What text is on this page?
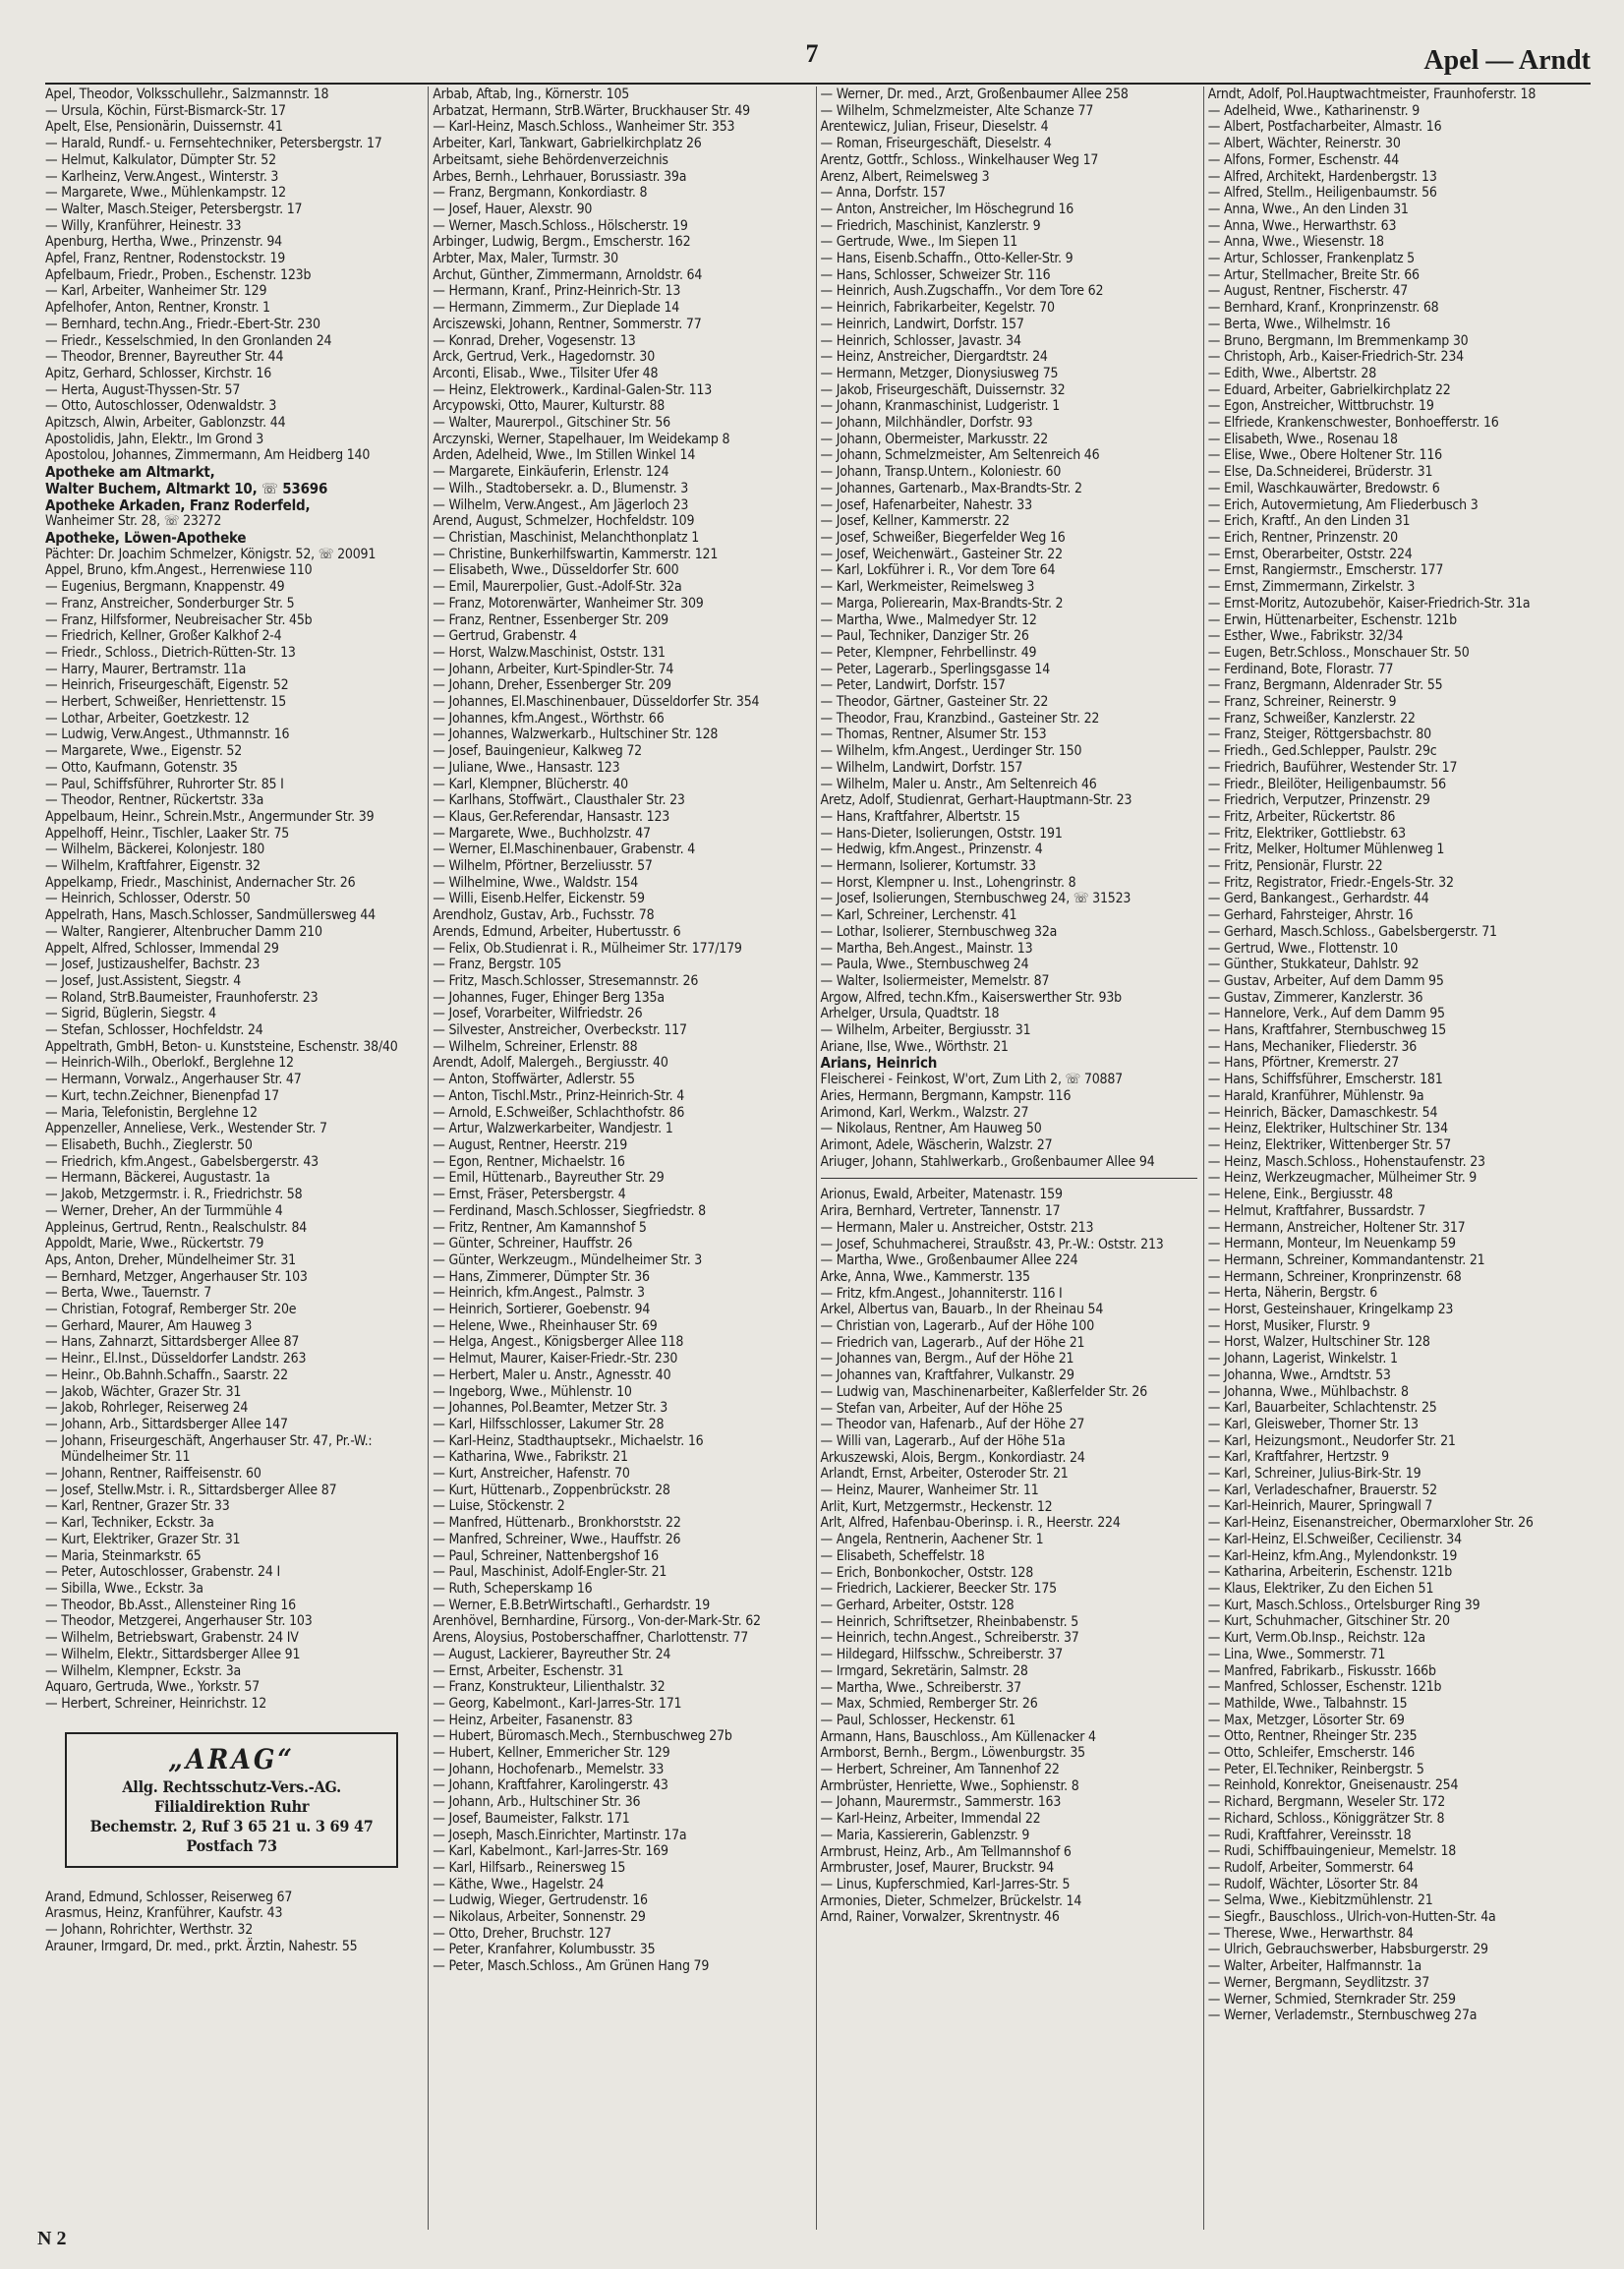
7	Apel — Arndt
Apel, Theodor, Volksschullehr., Salzmannstr. 18
— Ursula, Köchin, Fürst-Bismarck-Str. 17
Apelt, Else, Pensionärin, Duissernstr. 41
— Harald, Rundf.- u. Fernsehtechniker, Petersbergstr. 17
— Helmut, Kalkulator, Dümpter Str. 52
— Karlheinz, Verw.Angest., Winterstr. 3
— Margarete, Wwe., Mühlenkampstr. 12
— Walter, Masch.Steiger, Petersbergstr. 17
— Willy, Kranführer, Heinestr. 33
Apenburg, Hertha, Wwe., Prinzenstr. 94
Apfel, Franz, Rentner, Rodenstockstr. 19
Apfelbaum, Friedr., Proben., Eschenstr. 123b
— Karl, Arbeiter, Wanheimer Str. 129
Apfelhofer, Anton, Rentner, Kronstr. 1
— Bernhard, techn.Ang., Friedr.-Ebert-Str. 230
— Friedr., Kesselschmied, In den Gronlanden 24
— Theodor, Brenner, Bayreuther Str. 44
Apitz, Gerhard, Schlosser, Kirchstr. 16
— Herta, August-Thyssen-Str. 57
— Otto, Autoschlosser, Odenwaldstr. 3
Apitzsch, Alwin, Arbeiter, Gablonzstr. 44
Apostolidis, Jahn, Elektr., Im Grond 3
Apostolou, Johannes, Zimmermann, Am Heidberg 140
Apotheke am Altmarkt,
Walter Buchem, Altmarkt 10, ☏ 53696
Apotheke Arkaden, Franz Roderfeld,
Wanheimer Str. 28, ☏ 23272
Apotheke, Löwen-Apotheke
Pächter: Dr. Joachim Schmelzer, Königstr. 52, ☏ 20091
Appel, Bruno, kfm.Angest., Herrenwiese 110
— Eugenius, Bergmann, Knappenstr. 49
— Franz, Anstreicher, Sonderburger Str. 5
— Franz, Hilfsformer, Neubreisacher Str. 45b
— Friedrich, Kellner, Großer Kalkhof 2-4
— Friedr., Schloss., Dietrich-Rütten-Str. 13
— Harry, Maurer, Bertramstr. 11a
— Heinrich, Friseurgeschäft, Eigenstr. 52
— Herbert, Schweißer, Henriettenstr. 15
— Lothar, Arbeiter, Goetzkestr. 12
— Ludwig, Verw.Angest., Uthmannstr. 16
— Margarete, Wwe., Eigenstr. 52
— Otto, Kaufmann, Gotenstr. 35
— Paul, Schiffsführer, Ruhrorter Str. 85 I
— Theodor, Rentner, Rückertstr. 33a
Appelbaum, Heinr., Schrein.Mstr., Angermunder Str. 39
Appelhoff, Heinr., Tischler, Laaker Str. 75
— Wilhelm, Bäckerei, Kolonjestr. 180
— Wilhelm, Kraftfahrer, Eigenstr. 32
Appelkamp, Friedr., Maschinist, Andernacher Str. 26
— Heinrich, Schlosser, Oderstr. 50
Appelrath, Hans, Masch.Schlosser, Sandmüllersweg 44
— Walter, Rangierer, Altenbrucher Damm 210
Appelt, Alfred, Schlosser, Immendal 29
— Josef, Justizaushelfer, Bachstr. 23
— Josef, Just.Assistent, Siegstr. 4
— Roland, StrB.Baumeister, Fraunhoferstr. 23
— Sigrid, Büglerin, Siegstr. 4
— Stefan, Schlosser, Hochfeldstr. 24
Appeltrath, GmbH, Beton- u. Kunststeine, Eschenstr. 38/40
— Heinrich-Wilh., Oberlokf., Berglehne 12
— Hermann, Vorwalz., Angerhauser Str. 47
— Kurt, techn.Zeichner, Bienenpfad 17
— Maria, Telefonistin, Berglehne 12
Appenzeller, Anneliese, Verk., Westender Str. 7
— Elisabeth, Buchh., Zieglerstr. 50
— Friedrich, kfm.Angest., Gabelsbergerstr. 43
— Hermann, Bäckerei, Augustastr. 1a
— Jakob, Metzgermstr. i. R., Friedrichstr. 58
— Werner, Dreher, An der Turmmühle 4
Appleinus, Gertrud, Rentn., Realschulstr. 84
Appoldt, Marie, Wwe., Rückertstr. 79
Aps, Anton, Dreher, Mündelheimer Str. 31
— Bernhard, Metzger, Angerhauser Str. 103
— Berta, Wwe., Tauernstr. 7
— Christian, Fotograf, Remberger Str. 20e
— Gerhard, Maurer, Am Hauweg 3
— Hans, Zahnarzt, Sittardsberger Allee 87
— Heinr., El.Inst., Düsseldorfer Landstr. 263
— Heinr., Ob.Bahnh.Schaffn., Saarstr. 22
— Jakob, Wächter, Grazer Str. 31
— Jakob, Rohrleger, Reiserweg 24
— Johann, Arb., Sittardsberger Allee 147
— Johann, Friseurgeschäft, Angerhauser Str. 47, Pr.-W.: Mündelheimer Str. 11
— Johann, Rentner, Raiffeisenstr. 60
— Josef, Stellw.Mstr. i. R., Sittardsberger Allee 87
— Karl, Rentner, Grazer Str. 33
— Karl, Techniker, Eckstr. 3a
— Kurt, Elektriker, Grazer Str. 31
— Maria, Steinmarkstr. 65
— Peter, Autoschlosser, Grabenstr. 24 I
— Sibilla, Wwe., Eckstr. 3a
— Theodor, Bb.Asst., Allensteiner Ring 16
— Theodor, Metzgerei, Angerhauser Str. 103
— Wilhelm, Betriebswart, Grabenstr. 24 IV
— Wilhelm, Elektr., Sittardsberger Allee 91
— Wilhelm, Klempner, Eckstr. 3a
Aquaro, Gertruda, Wwe., Yorkstr. 57
— Herbert, Schreiner, Heinrichstr. 12
„ARAG“
Allg. Rechtsschutz-Vers.-AG.
Filialdirektion Ruhr
Bechemstr. 2, Ruf 3 65 21 u. 3 69 47
Postfach 73
Arand, Edmund, Schlosser, Reiserweg 67
Arasmus, Heinz, Kranführer, Kaufstr. 43
— Johann, Rohrichter, Werthstr. 32
Arauner, Irmgard, Dr. med., prkt. Ärztin, Nahestr. 55
Arbab, Aftab, Ing., Körnerstr. 105
Arbatzat, Hermann, StrB.Wärter, Bruckhauser Str. 49
— Karl-Heinz, Masch.Schloss., Wanheimer Str. 353
Arbeiter, Karl, Tankwart, Gabrielkirchplatz 26
Arbeitsamt, siehe Behördenverzeichnis
Arbes, Bernh., Lehrhauer, Borussiastr. 39a
— Franz, Bergmann, Konkordiastr. 8
— Josef, Hauer, Alexstr. 90
— Werner, Masch.Schloss., Hölscherstr. 19
Arbinger, Ludwig, Bergm., Emscherstr. 162
Arbter, Max, Maler, Turmstr. 30
Archut, Günther, Zimmermann, Arnoldstr. 64
— Hermann, Kranf., Prinz-Heinrich-Str. 13
— Hermann, Zimmerm., Zur Dieplade 14
Arciszewski, Johann, Rentner, Sommerstr. 77
— Konrad, Dreher, Vogesenstr. 13
Arck, Gertrud, Verk., Hagedornstr. 30
Arconti, Elisab., Wwe., Tilsiter Ufer 48
— Heinz, Elektrowerk., Kardinal-Galen-Str. 113
Arcypowski, Otto, Maurer, Kulturstr. 88
— Walter, Maurerpol., Gitschiner Str. 56
Arczynski, Werner, Stapelhauer, Im Weidekamp 8
Arden, Adelheid, Wwe., Im Stillen Winkel 14
— Margarete, Einkäuferin, Erlenstr. 124
— Wilh., Stadtobersekr. a. D., Blumenstr. 3
— Wilhelm, Verw.Angest., Am Jägerloch 23
Arend, August, Schmelzer, Hochfeldstr. 109
— Christian, Maschinist, Melanchthonplatz 1
— Christine, Bunkerhilfswartin, Kammerstr. 121
— Elisabeth, Wwe., Düsseldorfer Str. 600
— Emil, Maurerpolier, Gust.-Adolf-Str. 32a
— Franz, Motorenwärter, Wanheimer Str. 309
— Franz, Rentner, Essenberger Str. 209
— Gertrud, Grabenstr. 4
— Horst, Walzw.Maschinist, Oststr. 131
— Johann, Arbeiter, Kurt-Spindler-Str. 74
— Johann, Dreher, Essenberger Str. 209
— Johannes, El.Maschinenbauer, Düsseldorfer Str. 354
— Johannes, kfm.Angest., Wörthstr. 66
— Johannes, Walzwerkarb., Hultschiner Str. 128
— Josef, Bauingenieur, Kalkweg 72
— Juliane, Wwe., Hansastr. 123
— Karl, Klempner, Blücherstr. 40
— Karlhans, Stoffwärt., Clausthaler Str. 23
— Klaus, Ger.Referendar, Hansastr. 123
— Margarete, Wwe., Buchholzstr. 47
— Werner, El.Maschinenbauer, Grabenstr. 4
— Wilhelm, Pförtner, Berzeliusstr. 57
— Wilhelmine, Wwe., Waldstr. 154
— Willi, Eisenb.Helfer, Eickenstr. 59
Arendholz, Gustav, Arb., Fuchsstr. 78
Arends, Edmund, Arbeiter, Hubertusstr. 6
— Felix, Ob.Studienrat i. R., Mülheimer Str. 177/179
— Franz, Bergstr. 105
— Fritz, Masch.Schlosser, Stresemannstr. 26
— Johannes, Fuger, Ehinger Berg 135a
— Josef, Vorarbeiter, Wilfriedstr. 26
— Silvester, Anstreicher, Overbeckstr. 117
— Wilhelm, Schreiner, Erlenstr. 88
Arendt, Adolf, Malergeh., Bergiusstr. 40
— Anton, Stoffwärter, Adlerstr. 55
— Anton, Tischl.Mstr., Prinz-Heinrich-Str. 4
— Arnold, E.Schweißer, Schlachthofstr. 86
— Artur, Walzwerkarbeiter, Wandjestr. 1
— August, Rentner, Heerstr. 219
— Egon, Rentner, Michaelstr. 16
— Emil, Hüttenarb., Bayreuther Str. 29
— Ernst, Fräser, Petersbergstr. 4
— Ferdinand, Masch.Schlosser, Siegfriedstr. 8
— Fritz, Rentner, Am Kamannshof 5
— Günter, Schreiner, Hauffstr. 26
— Günter, Werkzeugm., Mündelheimer Str. 3
— Hans, Zimmerer, Dümpter Str. 36
— Heinrich, kfm.Angest., Palmstr. 3
— Heinrich, Sortierer, Goebenstr. 94
— Helene, Wwe., Rheinhauser Str. 69
— Helga, Angest., Königsberger Allee 118
— Helmut, Maurer, Kaiser-Friedr.-Str. 230
— Herbert, Maler u. Anstr., Agnesstr. 40
— Ingeborg, Wwe., Mühlenstr. 10
— Johannes, Pol.Beamter, Metzer Str. 3
— Karl, Hilfsschlosser, Lakumer Str. 28
— Karl-Heinz, Stadthauptsekr., Michaelstr. 16
— Katharina, Wwe., Fabrikstr. 21
— Kurt, Anstreicher, Hafenstr. 70
— Kurt, Hüttenarb., Zoppenbrückstr. 28
— Luise, Stöckenstr. 2
— Manfred, Hüttenarb., Bronkhorststr. 22
— Manfred, Schreiner, Wwe., Hauffstr. 26
— Paul, Schreiner, Nattenbergshof 16
— Paul, Maschinist, Adolf-Engler-Str. 21
— Ruth, Scheperskamp 16
— Werner, E.B.BetrWirtschaftl., Gerhardstr. 19
Arenhövel, Bernhardine, Fürsorg., Von-der-Mark-Str. 62
Arens, Aloysius, Postoberschaffner, Charlottenstr. 77
— August, Lackierer, Bayreuther Str. 24
— Ernst, Arbeiter, Eschenstr. 31
— Franz, Konstrukteur, Lilienthalstr. 32
— Georg, Kabelmont., Karl-Jarres-Str. 171
— Heinz, Arbeiter, Fasanenstr. 83
— Hubert, Büromasch.Mech., Sternbuschweg 27b
— Hubert, Kellner, Emmericher Str. 129
— Johann, Hochofenarb., Memelstr. 33
— Johann, Kraftfahrer, Karolingerstr. 43
— Johann, Arb., Hultschiner Str. 36
— Josef, Baumeister, Falkstr. 171
— Joseph, Masch.Einrichter, Martinstr. 17a
— Karl, Kabelmont., Karl-Jarres-Str. 169
— Karl, Hilfsarb., Reinersweg 15
— Käthe, Wwe., Hagelstr. 24
— Ludwig, Wieger, Gertrudenstr. 16
— Nikolaus, Arbeiter, Sonnenstr. 29
— Otto, Dreher, Bruchstr. 127
— Peter, Kranfahrer, Kolumbusstr. 35
— Peter, Masch.Schloss., Am Grünen Hang 79
— Werner, Dr. med., Arzt, Großenbaumer Allee 258
— Wilhelm, Schmelzmeister, Alte Schanze 77
Arentewicz, Julian, Friseur, Dieselstr. 4
— Roman, Friseurgeschäft, Dieselstr. 4
Arentz, Gottfr., Schloss., Winkelhauser Weg 17
Arenz, Albert, Reimelsweg 3
— Anna, Dorfstr. 157
— Anton, Anstreicher, Im Höschegrund 16
— Friedrich, Maschinist, Kanzlerstr. 9
— Gertrude, Wwe., Im Siepen 11
— Hans, Eisenb.Schaffn., Otto-Keller-Str. 9
— Hans, Schlosser, Schweizer Str. 116
— Heinrich, Aush.Zugschaffn., Vor dem Tore 62
— Heinrich, Fabrikarbeiter, Kegelstr. 70
— Heinrich, Landwirt, Dorfstr. 157
— Heinrich, Schlosser, Javastr. 34
— Heinz, Anstreicher, Diergardtstr. 24
— Hermann, Metzger, Dionysiusweg 75
— Jakob, Friseurgeschäft, Duissernstr. 32
— Johann, Kranmaschinist, Ludgeristr. 1
— Johann, Milchhändler, Dorfstr. 93
— Johann, Obermeister, Markusstr. 22
— Johann, Schmelzmeister, Am Seltenreich 46
— Johann, Transp.Untern., Koloniestr. 60
— Johannes, Gartenarb., Max-Brandts-Str. 2
— Josef, Hafenarbeiter, Nahestr. 33
— Josef, Kellner, Kammerstr. 22
— Josef, Schweißer, Biegerfelder Weg 16
— Josef, Weichenwärt., Gasteiner Str. 22
— Karl, Lokführer i. R., Vor dem Tore 64
— Karl, Werkmeister, Reimelsweg 3
— Marga, Polierearin, Max-Brandts-Str. 2
— Martha, Wwe., Malmedyer Str. 12
— Paul, Techniker, Danziger Str. 26
— Peter, Klempner, Fehrbellinstr. 49
— Peter, Lagerarb., Sperlingsgasse 14
— Peter, Landwirt, Dorfstr. 157
— Theodor, Gärtner, Gasteiner Str. 22
— Theodor, Frau, Kranzbind., Gasteiner Str. 22
— Thomas, Rentner, Alsumer Str. 153
— Wilhelm, kfm.Angest., Uerdinger Str. 150
— Wilhelm, Landwirt, Dorfstr. 157
— Wilhelm, Maler u. Anstr., Am Seltenreich 46
Aretz, Adolf, Studienrat, Gerhart-Hauptmann-Str. 23
— Hans, Kraftfahrer, Albertstr. 15
— Hans-Dieter, Isolierungen, Oststr. 191
— Hedwig, kfm.Angest., Prinzenstr. 4
— Hermann, Isolierer, Kortumstr. 33
— Horst, Klempner u. Inst., Lohengrinstr. 8
— Josef, Isolierungen, Sternbuschweg 24, ☏ 31523
— Karl, Schreiner, Lerchenstr. 41
— Lothar, Isolierer, Sternbuschweg 32a
— Martha, Beh.Angest., Mainstr. 13
— Paula, Wwe., Sternbuschweg 24
— Walter, Isoliermeister, Memelstr. 87
Argow, Alfred, techn.Kfm., Kaiserswerther Str. 93b
Arhelger, Ursula, Quadtstr. 18
— Wilhelm, Arbeiter, Bergiusstr. 31
Ariane, Ilse, Wwe., Wörthstr. 21
Arians, Heinrich
Fleischerei - Feinkost, W'ort, Zum Lith 2, ☏ 70887
Aries, Hermann, Bergmann, Kampstr. 116
Arimond, Karl, Werkm., Walzstr. 27
— Nikolaus, Rentner, Am Hauweg 50
Arimont, Adele, Wäscherin, Walzstr. 27
Ariuger, Johann, Stahlwerkarb., Großenbaumer Allee 94
Arionus, Ewald, Arbeiter, Matenastr. 159
Arira, Bernhard, Vertreter, Tannenstr. 17
— Hermann, Maler u. Anstreicher, Oststr. 213
— Josef, Schuhmacherei, Straußstr. 43, Pr.-W.: Oststr. 213
— Martha, Wwe., Großenbaumer Allee 224
Arke, Anna, Wwe., Kammerstr. 135
— Fritz, kfm.Angest., Johanniterstr. 116 I
Arkel, Albertus van, Bauarb., In der Rheinau 54
— Christian von, Lagerarb., Auf der Höhe 100
— Friedrich van, Lagerarb., Auf der Höhe 21
— Johannes van, Bergm., Auf der Höhe 21
— Johannes van, Kraftfahrer, Vulkanstr. 29
— Ludwig van, Maschinenarbeiter, Kaßlerfelder Str. 26
— Stefan van, Arbeiter, Auf der Höhe 25
— Theodor van, Hafenarb., Auf der Höhe 27
— Willi van, Lagerarb., Auf der Höhe 51a
Arkuszewski, Alois, Bergm., Konkordiastr. 24
Arlandt, Ernst, Arbeiter, Osteroder Str. 21
— Heinz, Maurer, Wanheimer Str. 11
Arlit, Kurt, Metzgermstr., Heckenstr. 12
Arlt, Alfred, Hafenbau-Oberinsp. i. R., Heerstr. 224
— Angela, Rentnerin, Aachener Str. 1
— Elisabeth, Scheffelstr. 18
— Erich, Bonbonkocher, Oststr. 128
— Friedrich, Lackierer, Beecker Str. 175
— Gerhard, Arbeiter, Oststr. 128
— Heinrich, Schriftsetzer, Rheinbabenstr. 5
— Heinrich, techn.Angest., Schreiberstr. 37
— Hildegard, Hilfsschw., Schreiberstr. 37
— Irmgard, Sekretärin, Salmstr. 28
— Martha, Wwe., Schreiberstr. 37
— Max, Schmied, Remberger Str. 26
— Paul, Schlosser, Heckenstr. 61
Armann, Hans, Bauschloss., Am Küllenacker 4
Armborst, Bernh., Bergm., Löwenburgstr. 35
— Herbert, Schreiner, Am Tannenhof 22
Armbrüster, Henriette, Wwe., Sophienstr. 8
— Johann, Maurermstr., Sammerstr. 163
— Karl-Heinz, Arbeiter, Immendal 22
— Maria, Kassiererin, Gablenzstr. 9
Armbrust, Heinz, Arb., Am Tellmannshof 6
Armbruster, Josef, Maurer, Bruckstr. 94
— Linus, Kupferschmied, Karl-Jarres-Str. 5
Armonies, Dieter, Schmelzer, Brückelstr. 14
Arnd, Rainer, Vorwalzer, Skrentnystr. 46
Arndt, Adolf, Pol.Hauptwachtmeister, Fraunhoferstr. 18
— Adelheid, Wwe., Katharinenstr. 9
— Albert, Postfacharbeiter, Almastr. 16
— Albert, Wächter, Reinerstr. 30
— Alfons, Former, Eschenstr. 44
— Alfred, Architekt, Hardenbergstr. 13
— Alfred, Stellm., Heiligenbaumstr. 56
— Anna, Wwe., An den Linden 31
— Anna, Wwe., Herwarthstr. 63
— Anna, Wwe., Wiesenstr. 18
— Artur, Schlosser, Frankenplatz 5
— Artur, Stellmacher, Breite Str. 66
— August, Rentner, Fischerstr. 47
— Bernhard, Kranf., Kronprinzenstr. 68
— Berta, Wwe., Wilhelmstr. 16
— Bruno, Bergmann, Im Bremmenkamp 30
— Christoph, Arb., Kaiser-Friedrich-Str. 234
— Edith, Wwe., Albertstr. 28
— Eduard, Arbeiter, Gabrielkirchplatz 22
— Egon, Anstreicher, Wittbruchstr. 19
— Elfriede, Krankenschwester, Bonhoefferstr. 16
— Elisabeth, Wwe., Rosenau 18
— Elise, Wwe., Obere Holtener Str. 116
— Else, Da.Schneiderei, Brüderstr. 31
— Emil, Waschkauwärter, Bredowstr. 6
— Erich, Autovermietung, Am Fliederbusch 3
— Erich, Kraftf., An den Linden 31
— Erich, Rentner, Prinzenstr. 20
— Ernst, Oberarbeiter, Oststr. 224
— Ernst, Rangiermstr., Emscherstr. 177
— Ernst, Zimmermann, Zirkelstr. 3
— Ernst-Moritz, Autozubehör, Kaiser-Friedrich-Str. 31a
— Erwin, Hüttenarbeiter, Eschenstr. 121b
— Esther, Wwe., Fabrikstr. 32/34
— Eugen, Betr.Schloss., Monschauer Str. 50
— Ferdinand, Bote, Florastr. 77
— Franz, Bergmann, Aldenrader Str. 55
— Franz, Schreiner, Reinerstr. 9
— Franz, Schweißer, Kanzlerstr. 22
— Franz, Steiger, Röttgersbachstr. 80
— Friedh., Ged.Schlepper, Paulstr. 29c
— Friedrich, Bauführer, Westender Str. 17
— Friedr., Bleilöter, Heiligenbaumstr. 56
— Friedrich, Verputzer, Prinzenstr. 29
— Fritz, Arbeiter, Rückertstr. 86
— Fritz, Elektriker, Gottliebstr. 63
— Fritz, Melker, Holtumer Mühlenweg 1
— Fritz, Pensionär, Flurstr. 22
— Fritz, Registrator, Friedr.-Engels-Str. 32
— Gerd, Bankangest., Gerhardstr. 44
— Gerhard, Fahrsteiger, Ahrstr. 16
— Gerhard, Masch.Schloss., Gabelsbergerstr. 71
— Gertrud, Wwe., Flottenstr. 10
— Günther, Stukkateur, Dahlstr. 92
— Gustav, Arbeiter, Auf dem Damm 95
— Gustav, Zimmerer, Kanzlerstr. 36
— Hannelore, Verk., Auf dem Damm 95
— Hans, Kraftfahrer, Sternbuschweg 15
— Hans, Mechaniker, Fliederstr. 36
— Hans, Pförtner, Kremerstr. 27
— Hans, Schiffsführer, Emscherstr. 181
— Harald, Kranführer, Mühlenstr. 9a
— Heinrich, Bäcker, Damaschkestr. 54
— Heinz, Elektriker, Hultschiner Str. 134
— Heinz, Elektriker, Wittenberger Str. 57
— Heinz, Masch.Schloss., Hohenstaufenstr. 23
— Heinz, Werkzeugmacher, Mülheimer Str. 9
— Helene, Eink., Bergiusstr. 48
— Helmut, Kraftfahrer, Bussardstr. 7
— Hermann, Anstreicher, Holtener Str. 317
— Hermann, Monteur, Im Neuenkamp 59
— Hermann, Schreiner, Kommandantenstr. 21
— Hermann, Schreiner, Kronprinzenstr. 68
— Herta, Näherin, Bergstr. 6
— Horst, Gesteinshauer, Kringelkamp 23
— Horst, Musiker, Flurstr. 9
— Horst, Walzer, Hultschiner Str. 128
— Johann, Lagerist, Winkelstr. 1
— Johanna, Wwe., Arndtstr. 53
— Johanna, Wwe., Mühlbachstr. 8
— Karl, Bauarbeiter, Schlachtenstr. 25
— Karl, Gleisweber, Thorner Str. 13
— Karl, Heizungsmont., Neudorfer Str. 21
— Karl, Kraftfahrer, Hertzstr. 9
— Karl, Schreiner, Julius-Birk-Str. 19
— Karl, Verladeschafner, Brauerstr. 52
— Karl-Heinrich, Maurer, Springwall 7
— Karl-Heinz, Eisenanstreicher, Obermarxloher Str. 26
— Karl-Heinz, El.Schweißer, Cecilienstr. 34
— Karl-Heinz, kfm.Ang., Mylendonkstr. 19
— Katharina, Arbeiterin, Eschenstr. 121b
— Klaus, Elektriker, Zu den Eichen 51
— Kurt, Masch.Schloss., Ortelsburger Ring 39
— Kurt, Schuhmacher, Gitschiner Str. 20
— Kurt, Verm.Ob.Insp., Reichstr. 12a
— Lina, Wwe., Sommerstr. 71
— Manfred, Fabrikarb., Fiskusstr. 166b
— Manfred, Schlosser, Eschenstr. 121b
— Mathilde, Wwe., Talbahnstr. 15
— Max, Metzger, Lösorter Str. 69
— Otto, Rentner, Rheinger Str. 235
— Otto, Schleifer, Emscherstr. 146
— Peter, El.Techniker, Reinbergstr. 5
— Reinhold, Konrektor, Gneisenaustr. 254
— Richard, Bergmann, Weseler Str. 172
— Richard, Schloss., Königgrätzer Str. 8
— Rudi, Kraftfahrer, Vereinsstr. 18
— Rudi, Schiffbauingenieur, Memelstr. 18
— Rudolf, Arbeiter, Sommerstr. 64
— Rudolf, Wächter, Lösorter Str. 84
— Selma, Wwe., Kiebitzmühlenstr. 21
— Siegfr., Bauschloss., Ulrich-von-Hutten-Str. 4a
— Therese, Wwe., Herwarthstr. 84
— Ulrich, Gebrauchswerber, Habsburgerstr. 29
— Walter, Arbeiter, Halfmannstr. 1a
— Werner, Bergmann, Seydlitzstr. 37
— Werner, Schmied, Sternkrader Str. 259
— Werner, Verlademstr., Sternbuschweg 27a
N 2
